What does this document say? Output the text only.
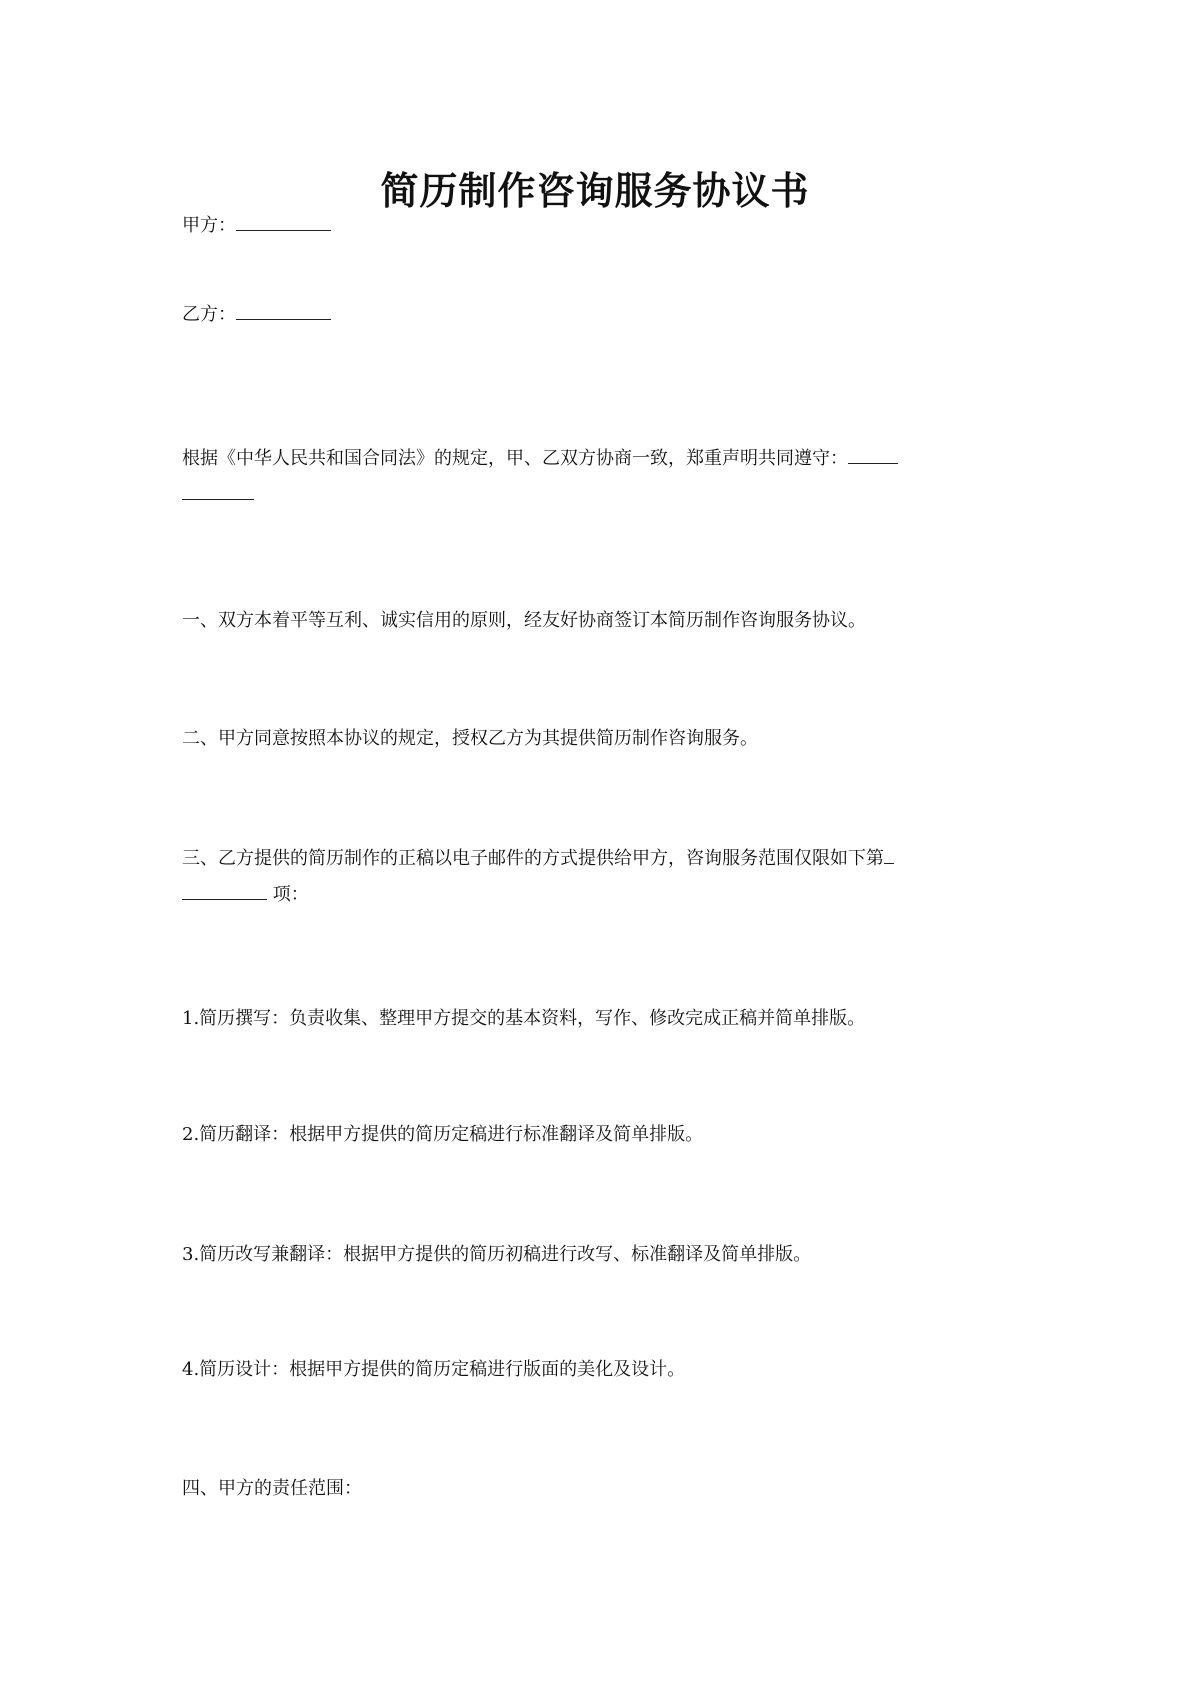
简历制作咨询服务协议书
甲方：
乙方：
根据《中华人民共和国合同法》的规定，甲、乙双方协商一致，郑重声明共同遵守：
一、双方本着平等互利、诚实信用的原则，经友好协商签订本简历制作咨询服务协议。
二、甲方同意按照本协议的规定，授权乙方为其提供简历制作咨询服务。
三、乙方提供的简历制作的正稿以电子邮件的方式提供给甲方，咨询服务范围仅限如下第
项：
1.简历撰写：负责收集、整理甲方提交的基本资料，写作、修改完成正稿并简单排版。
2.简历翻译：根据甲方提供的简历定稿进行标准翻译及简单排版。
3.简历改写兼翻译：根据甲方提供的简历初稿进行改写、标准翻译及简单排版。
4.简历设计：根据甲方提供的简历定稿进行版面的美化及设计。
四、甲方的责任范围：
